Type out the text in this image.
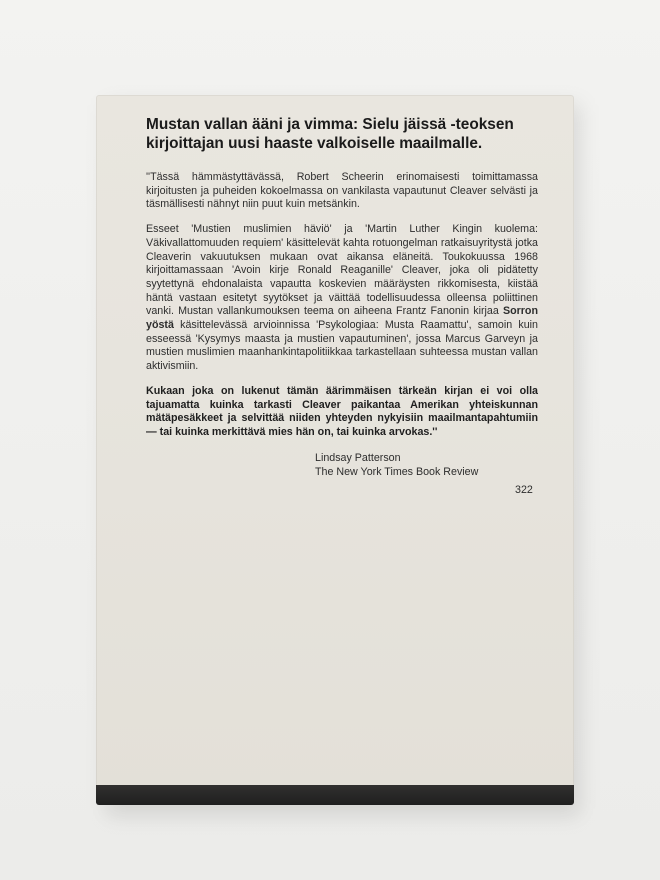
Mustan vallan ääni ja vimma: Sielu jäissä -teoksen kirjoittajan uusi haaste valkoiselle maailmalle.

''Tässä hämmästyttävässä, Robert Scheerin erinomaisesti toimittamassa kirjoitusten ja puheiden kokoelmassa on vankilasta vapautunut Cleaver selvästi ja täsmällisesti nähnyt niin puut kuin metsänkin.

Esseet 'Mustien muslimien häviö' ja 'Martin Luther Kingin kuolema: Väkivallattomuuden requiem' käsittelevät kahta rotuongelman ratkaisuyritystä jotka Cleaverin vakuutuksen mukaan ovat aikansa eläneitä. Toukokuussa 1968 kirjoittamassaan 'Avoin kirje Ronald Reaganille' Cleaver, joka oli pidätetty syytettynä ehdonalaista vapautta koskevien määräysten rikkomisesta, kiistää häntä vastaan esitetyt syytökset ja väittää todellisuudessa olleensa poliittinen vanki. Mustan vallankumouksen teema on aiheena Frantz Fanonin kirjaa Sorron yöstä käsittelevässä arvioinnissa 'Psykologiaa: Musta Raamattu', samoin kuin esseessä 'Kysymys maasta ja mustien vapautuminen', jossa Marcus Garveyn ja mustien muslimien maanhankintapolitiikkaa tarkastellaan suhteessa mustan vallan aktivismiin.

Kukaan joka on lukenut tämän äärimmäisen tärkeän kirjan ei voi olla tajuamatta kuinka tarkasti Cleaver paikantaa Amerikan yhteiskunnan mätäpesäkkeet ja selvittää niiden yhteyden nykyisiin maailmantapahtumiin — tai kuinka merkittävä mies hän on, tai kuinka arvokas.''

Lindsay Patterson
The New York Times Book Review
322
